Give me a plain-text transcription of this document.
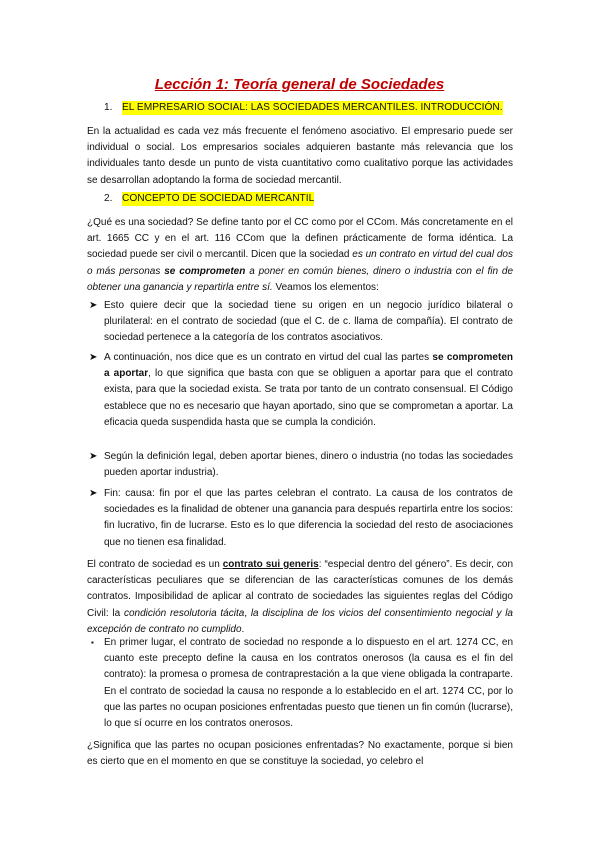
Lección 1: Teoría general de Sociedades
1. EL EMPRESARIO SOCIAL: LAS SOCIEDADES MERCANTILES. INTRODUCCIÓN.

En la actualidad es cada vez más frecuente el fenómeno asociativo. El empresario puede ser individual o social. Los empresarios sociales adquieren bastante más relevancia que los individuales tanto desde un punto de vista cuantitativo como cualitativo porque las actividades se desarrollan adoptando la forma de sociedad mercantil.

2. CONCEPTO DE SOCIEDAD MERCANTIL

¿Qué es una sociedad? Se define tanto por el CC como por el CCom. Más concretamente en el art. 1665 CC y en el art. 116 CCom que la definen prácticamente de forma idéntica. La sociedad puede ser civil o mercantil. Dicen que la sociedad es un contrato en virtud del cual dos o más personas se comprometen a poner en común bienes, dinero o industria con el fin de obtener una ganancia y repartirla entre sí. Veamos los elementos:

➤ Esto quiere decir que la sociedad tiene su origen en un negocio jurídico bilateral o plurilateral: en el contrato de sociedad (que el C. de c. llama de compañía). El contrato de sociedad pertenece a la categoría de los contratos asociativos.

➤ A continuación, nos dice que es un contrato en virtud del cual las partes se comprometen a aportar, lo que significa que basta con que se obliguen a aportar para que el contrato exista, para que la sociedad exista. Se trata por tanto de un contrato consensual. El Código establece que no es necesario que hayan aportado, sino que se comprometan a aportar. La eficacia queda suspendida hasta que se cumpla la condición.

➤ Según la definición legal, deben aportar bienes, dinero o industria (no todas las sociedades pueden aportar industria).

➤ Fin: causa: fin por el que las partes celebran el contrato. La causa de los contratos de sociedades es la finalidad de obtener una ganancia para después repartirla entre los socios: fin lucrativo, fin de lucrarse. Esto es lo que diferencia la sociedad del resto de asociaciones que no tienen esa finalidad.

El contrato de sociedad es un contrato sui generis: “especial dentro del género”. Es decir, con características peculiares que se diferencian de las características comunes de los demás contratos. Imposibilidad de aplicar al contrato de sociedades las siguientes reglas del Código Civil: la condición resolutoria tácita, la disciplina de los vicios del consentimiento negocial y la excepción de contrato no cumplido.

▪ En primer lugar, el contrato de sociedad no responde a lo dispuesto en el art. 1274 CC, en cuanto este precepto define la causa en los contratos onerosos (la causa es el fin del contrato): la promesa o promesa de contraprestación a la que viene obligada la contraparte. En el contrato de sociedad la causa no responde a lo establecido en el art. 1274 CC, por lo que las partes no ocupan posiciones enfrentadas puesto que tienen un fin común (lucrarse), lo que sí ocurre en los contratos onerosos.

¿Significa que las partes no ocupan posiciones enfrentadas? No exactamente, porque si bien es cierto que en el momento en que se constituye la sociedad, yo celebro el
